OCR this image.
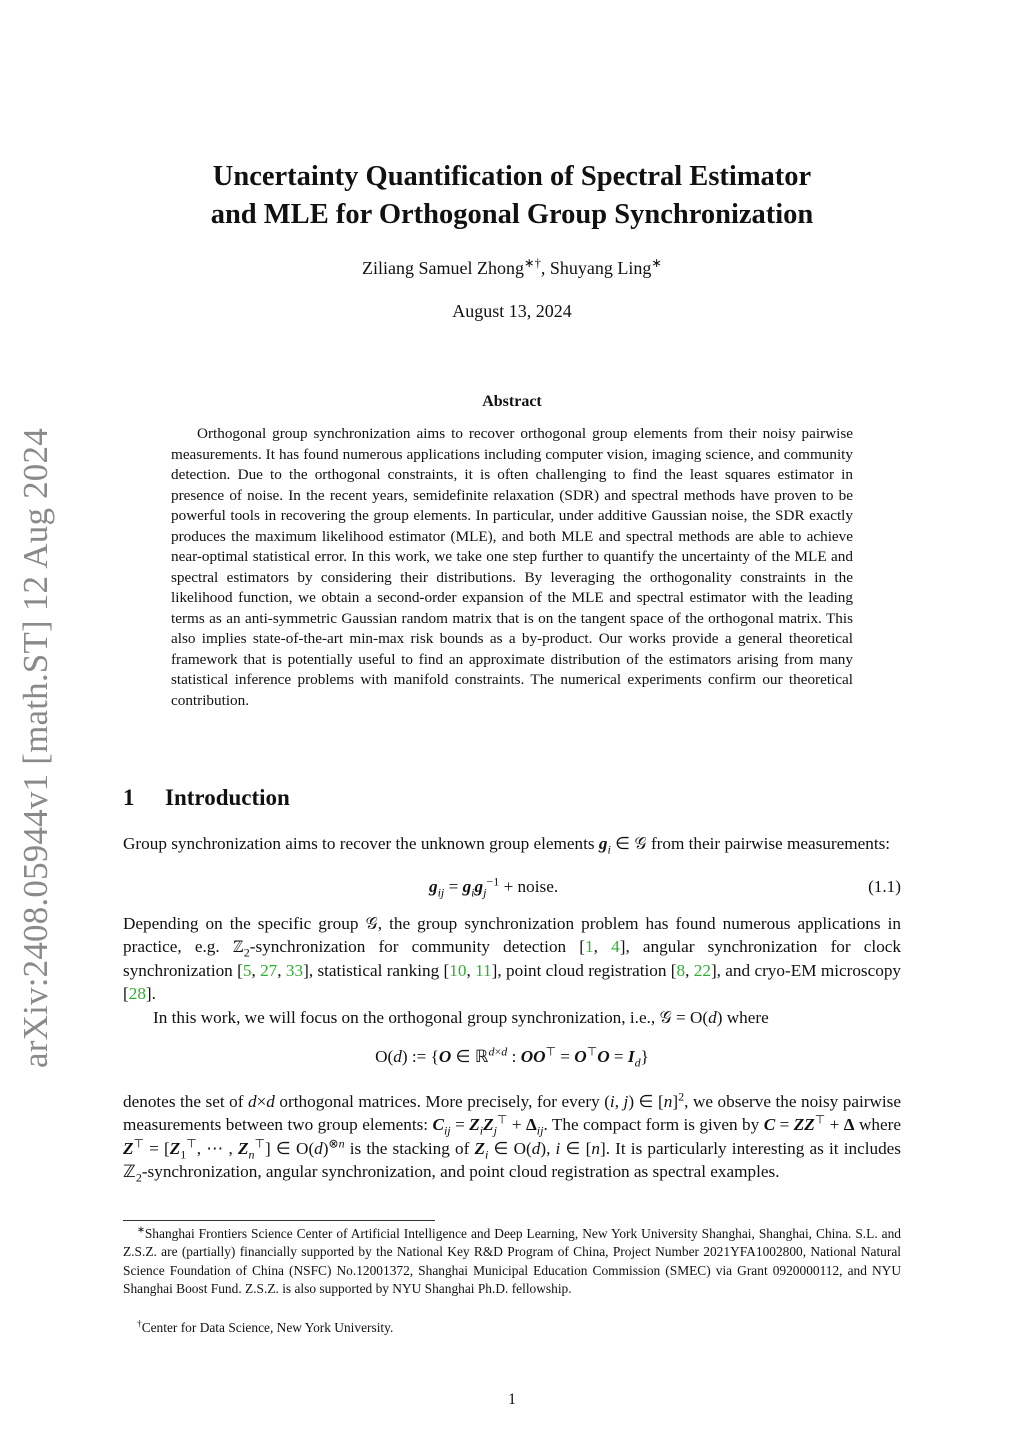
arXiv:2408.05944v1 [math.ST] 12 Aug 2024
Uncertainty Quantification of Spectral Estimator
and MLE for Orthogonal Group Synchronization
Ziliang Samuel Zhong∗†, Shuyang Ling∗
August 13, 2024
Abstract

Orthogonal group synchronization aims to recover orthogonal group elements from their noisy pairwise measurements. It has found numerous applications including computer vision, imaging science, and community detection. Due to the orthogonal constraints, it is often challenging to find the least squares estimator in presence of noise. In the recent years, semidefinite relaxation (SDR) and spectral methods have proven to be powerful tools in recovering the group elements. In particular, under additive Gaussian noise, the SDR exactly produces the maximum likelihood estimator (MLE), and both MLE and spectral methods are able to achieve near-optimal statistical error. In this work, we take one step further to quantify the uncertainty of the MLE and spectral estimators by considering their distributions. By leveraging the orthogonality constraints in the likelihood function, we obtain a second-order expansion of the MLE and spectral estimator with the leading terms as an anti-symmetric Gaussian random matrix that is on the tangent space of the orthogonal matrix. This also implies state-of-the-art min-max risk bounds as a by-product. Our works provide a general theoretical framework that is potentially useful to find an approximate distribution of the estimators arising from many statistical inference problems with manifold constraints. The numerical experiments confirm our theoretical contribution.

1 Introduction

Group synchronization aims to recover the unknown group elements $g_i$ ∈ 𝒢 from their pairwise measurements:

$g_{ij} = g_ig_j^{-1}$ + noise.	(1.1)

Depending on the specific group 𝒢, the group synchronization problem has found numerous applications in practice, e.g. ℤ$_2$-synchronization for community detection [1, 4], angular synchronization for clock synchronization [5, 27, 33], statistical ranking [10, 11], point cloud registration [8, 22], and cryo-EM microscopy [28].

In this work, we will focus on the orthogonal group synchronization, i.e., 𝒢 = O(d) where

O(d) := {O ∈ ℝ$^{d\times d}$ : $OO^⊤ = O^⊤O = I_d$}

denotes the set of d×d orthogonal matrices. More precisely, for every (i, j) ∈ $[n]^2$, we observe the noisy pairwise measurements between two group elements: $C_{ij} = Z_iZ_j^⊤ + \Delta_{ij}$. The compact form is given by C = ZZ⊤ + Δ where $Z^⊤ = [Z_1^⊤$, ⋯ , $Z_n^⊤$] ∈ $O(d)^{\otimes n}$ is the stacking of $Z_i$ ∈ O(d), i ∈ [n]. It is particularly interesting as it includes ℤ$_2$-synchronization, angular synchronization, and point cloud registration as spectral examples.

∗Shanghai Frontiers Science Center of Artificial Intelligence and Deep Learning, New York University Shanghai, Shanghai, China. S.L. and Z.S.Z. are (partially) financially supported by the National Key R&D Program of China, Project Number 2021YFA1002800, National Natural Science Foundation of China (NSFC) No.12001372, Shanghai Municipal Education Commission (SMEC) via Grant 0920000112, and NYU Shanghai Boost Fund. Z.S.Z. is also supported by NYU Shanghai Ph.D. fellowship.

†Center for Data Science, New York University.

1
